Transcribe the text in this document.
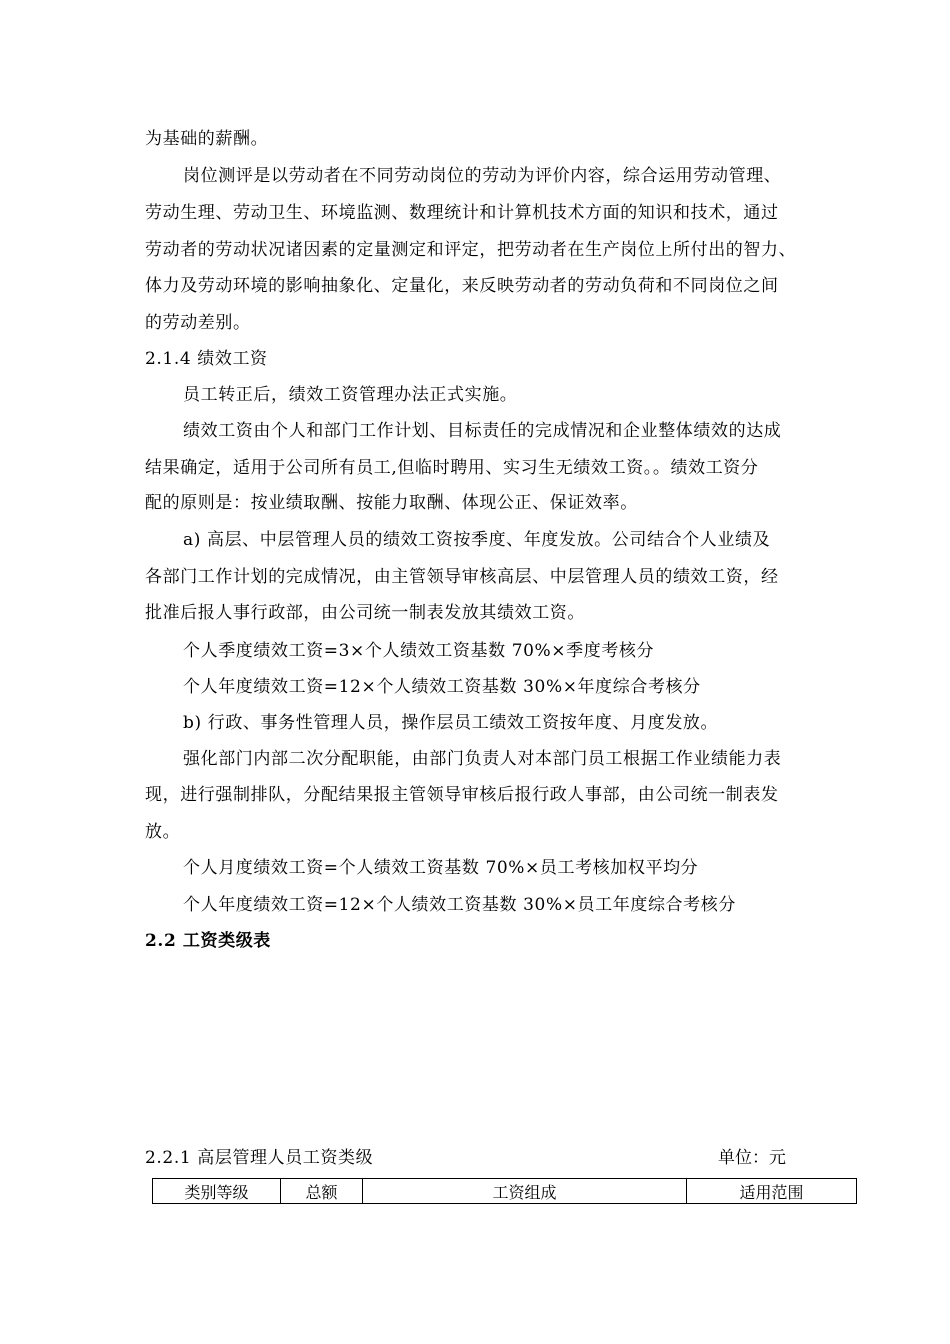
为基础的薪酬。
岗位测评是以劳动者在不同劳动岗位的劳动为评价内容，综合运用劳动管理、
劳动生理、劳动卫生、环境监测、数理统计和计算机技术方面的知识和技术，通过
劳动者的劳动状况诸因素的定量测定和评定，把劳动者在生产岗位上所付出的智力、
体力及劳动环境的影响抽象化、定量化，来反映劳动者的劳动负荷和不同岗位之间
的劳动差别。
2.1.4 绩效工资
员工转正后，绩效工资管理办法正式实施。
绩效工资由个人和部门工作计划、目标责任的完成情况和企业整体绩效的达成
结果确定，适用于公司所有员工,但临时聘用、实习生无绩效工资。。绩效工资分
配的原则是：按业绩取酬、按能力取酬、体现公正、保证效率。
a) 高层、中层管理人员的绩效工资按季度、年度发放。公司结合个人业绩及
各部门工作计划的完成情况，由主管领导审核高层、中层管理人员的绩效工资，经
批准后报人事行政部，由公司统一制表发放其绩效工资。
个人季度绩效工资=3×个人绩效工资基数 70%×季度考核分
个人年度绩效工资=12×个人绩效工资基数 30%×年度综合考核分
b) 行政、事务性管理人员，操作层员工绩效工资按年度、月度发放。
强化部门内部二次分配职能，由部门负责人对本部门员工根据工作业绩能力表
现，进行强制排队，分配结果报主管领导审核后报行政人事部，由公司统一制表发
放。
个人月度绩效工资=个人绩效工资基数 70%×员工考核加权平均分
个人年度绩效工资=12×个人绩效工资基数 30%×员工年度综合考核分
2.2 工资类级表
2.2.1 高层管理人员工资类级	单位：元
类别等级	总额	工资组成	适用范围
